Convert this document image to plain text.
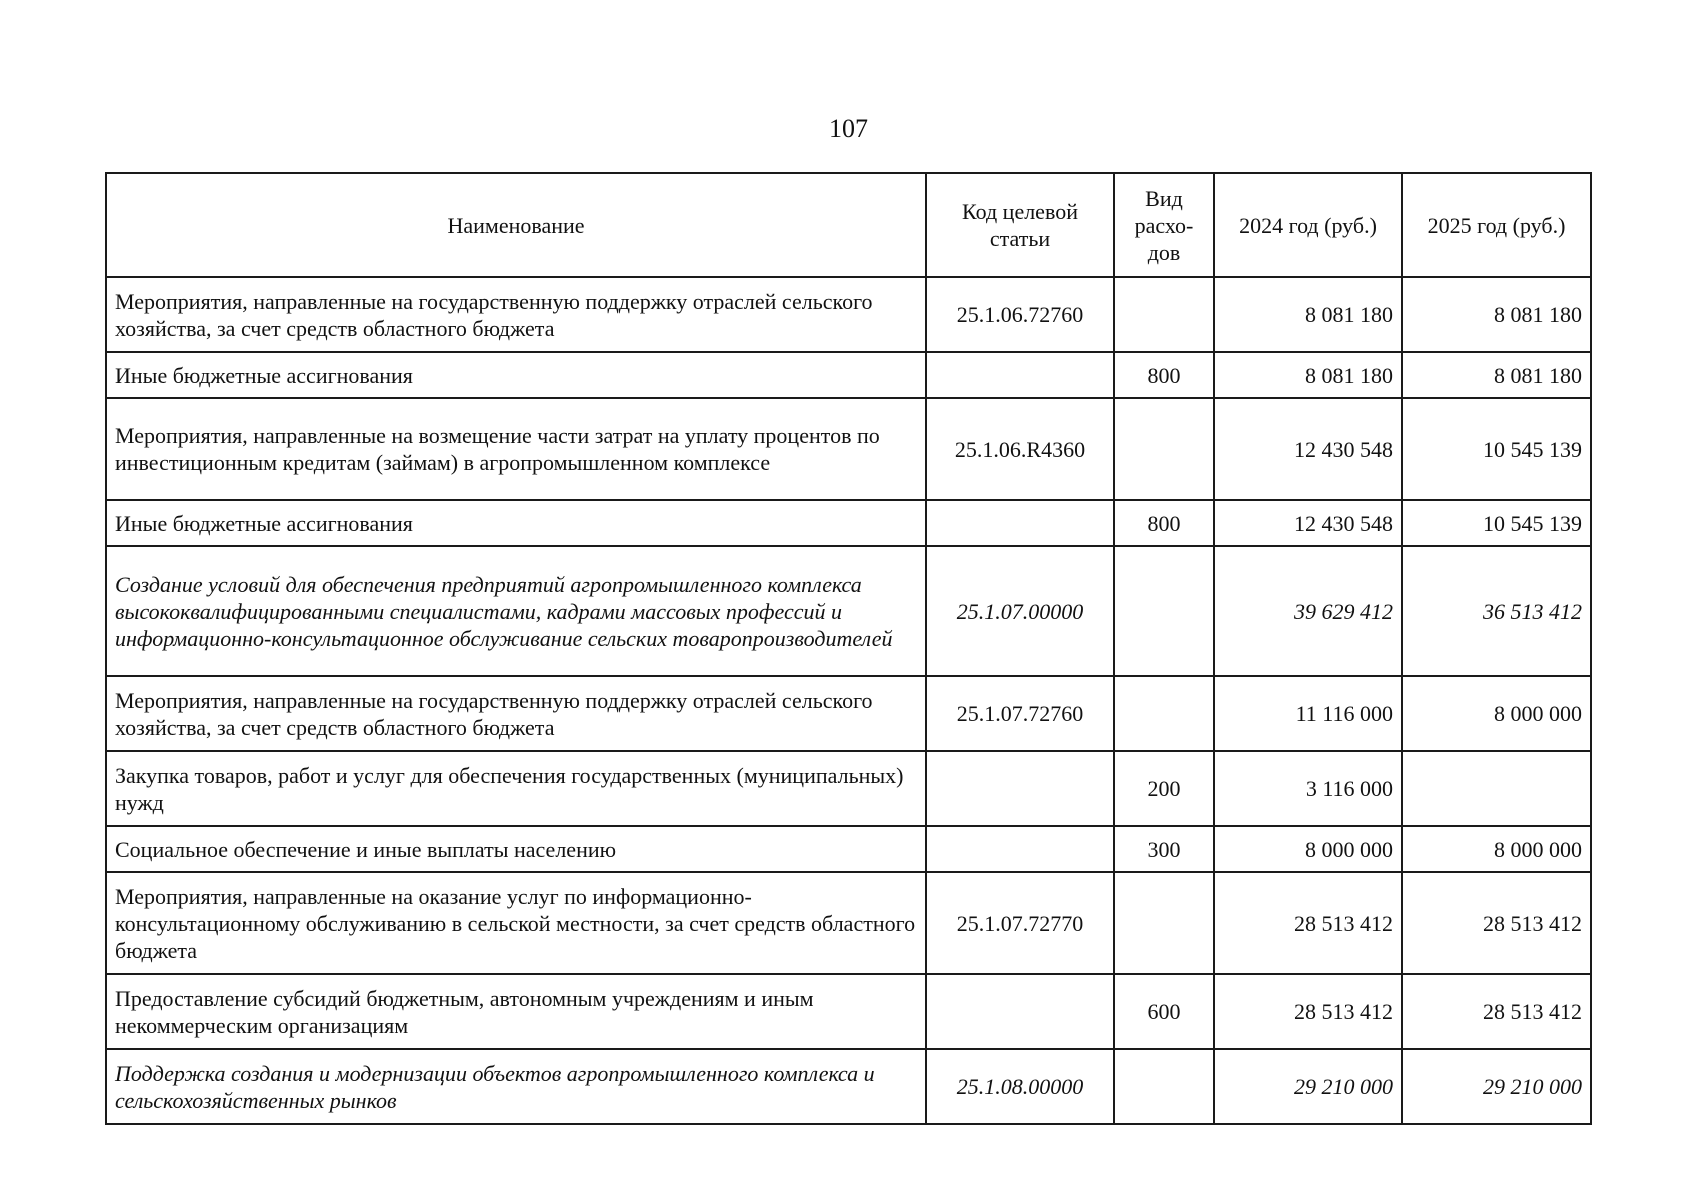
107
Наименование	Код целевой статьи	Вид расхо-дов	2024 год (руб.)	2025 год (руб.)
Мероприятия, направленные на государственную поддержку отраслей сельского хозяйства, за счет средств областного бюджета	25.1.06.72760		8 081 180	8 081 180
Иные бюджетные ассигнования		800	8 081 180	8 081 180
Мероприятия, направленные на возмещение части затрат на уплату процентов по инвестиционным кредитам (займам) в агропромышленном комплексе	25.1.06.R4360		12 430 548	10 545 139
Иные бюджетные ассигнования		800	12 430 548	10 545 139
Создание условий для обеспечения предприятий агропромышленного комплекса высококвалифицированными специалистами, кадрами массовых профессий и информационно-консультационное обслуживание сельских товаропроизводителей	25.1.07.00000		39 629 412	36 513 412
Мероприятия, направленные на государственную поддержку отраслей сельского хозяйства, за счет средств областного бюджета	25.1.07.72760		11 116 000	8 000 000
Закупка товаров, работ и услуг для обеспечения государственных (муниципальных) нужд		200	3 116 000	
Социальное обеспечение и иные выплаты населению		300	8 000 000	8 000 000
Мероприятия, направленные на оказание услуг по информационно-консультационному обслуживанию в сельской местности, за счет средств областного бюджета	25.1.07.72770		28 513 412	28 513 412
Предоставление субсидий бюджетным, автономным учреждениям и иным некоммерческим организациям		600	28 513 412	28 513 412
Поддержка создания и модернизации объектов агропромышленного комплекса и сельскохозяйственных рынков	25.1.08.00000		29 210 000	29 210 000
